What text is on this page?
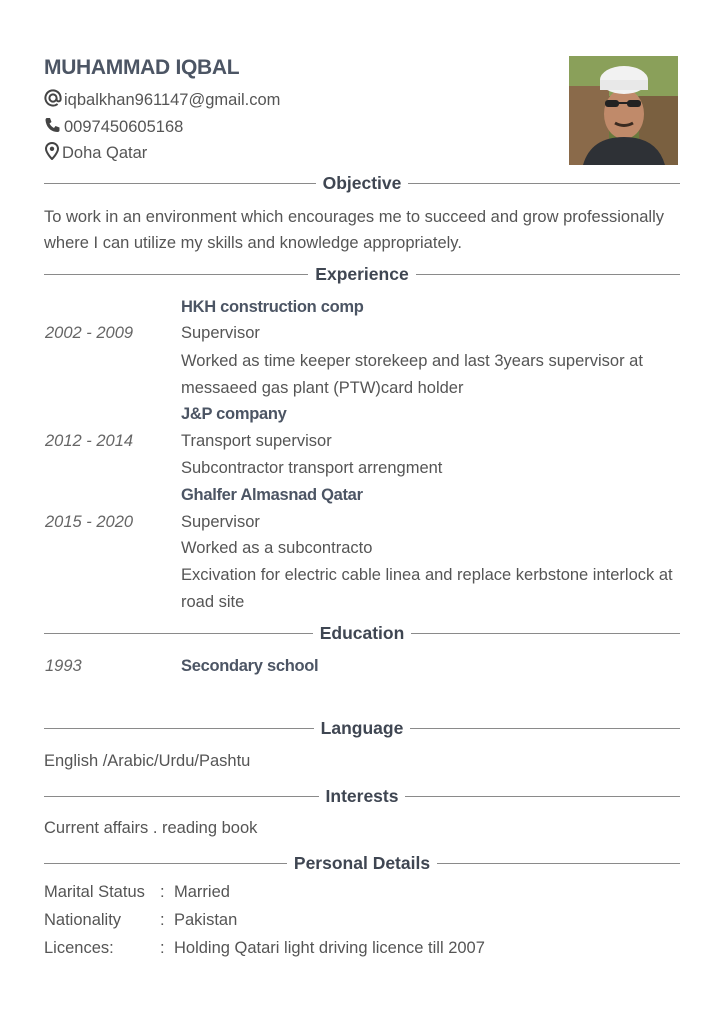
MUHAMMAD IQBAL
iqbalkhan961147@gmail.com
0097450605168
Doha Qatar
Objective
To work in an environment which encourages me to succeed and grow professionally where I can utilize my skills and knowledge appropriately.
Experience
HKH construction comp
2002 - 2009	Supervisor
Worked as time keeper storekeep and last 3years supervisor at messaeed gas plant (PTW)card holder
J&P company
2012 - 2014	Transport supervisor
Subcontractor transport arrengment
Ghalfer Almasnad Qatar
2015 - 2020	Supervisor
Worked as a subcontracto
Excivation for electric cable linea and replace kerbstone interlock at road site
Education
1993	Secondary school
Language
English /Arabic/Urdu/Pashtu
Interests
Current affairs . reading book
Personal Details
Marital Status : Married
Nationality : Pakistan
Licences:	: Holding Qatari light driving licence till 2007
